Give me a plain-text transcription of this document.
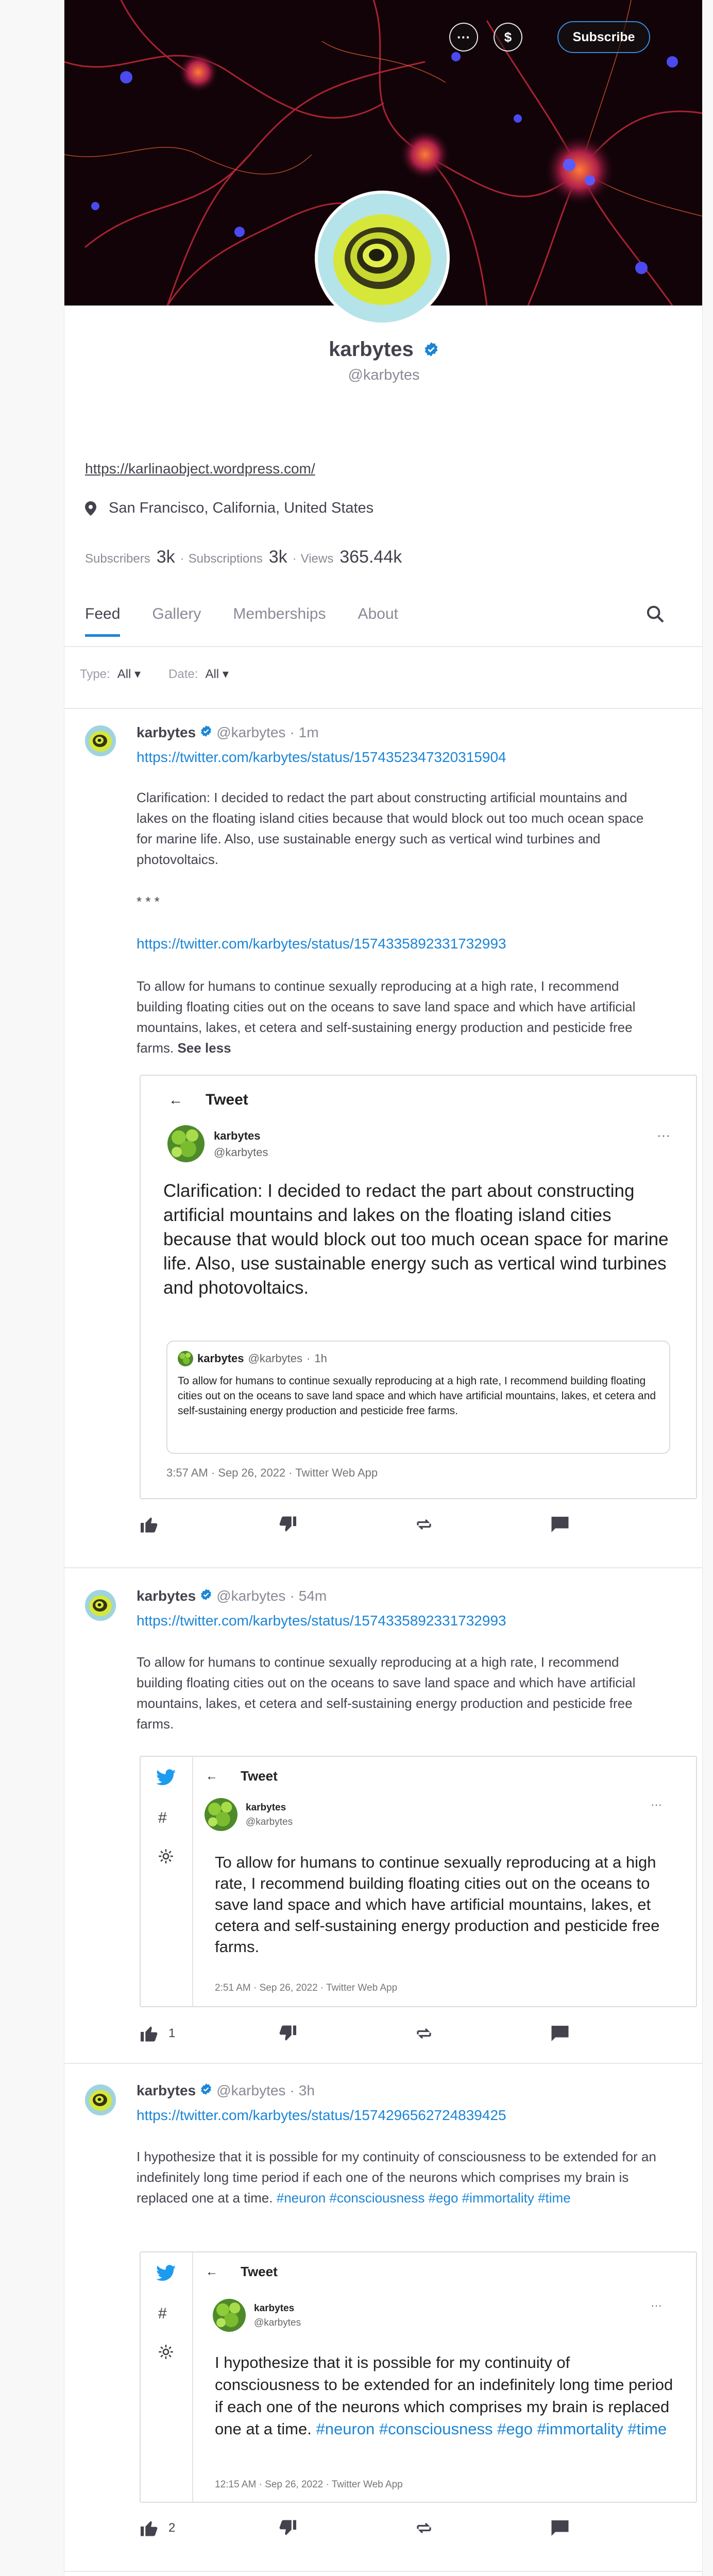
···	$	Subscribe
karbytes
@karbytes
https://karlinaobject.wordpress.com/
San Francisco, California, United States
Subscribers 3k · Subscriptions 3k · Views 365.44k
Feed Gallery Memberships About
Type: All ▾ Date: All ▾
karbytes @karbytes · 1m
https://twitter.com/karbytes/status/1574352347320315904
Clarification: I decided to redact the part about constructing artificial mountains and lakes on the floating island cities because that would block out too much ocean space for marine life. Also, use sustainable energy such as vertical wind turbines and photovoltaics.
* * *
https://twitter.com/karbytes/status/1574335892331732993
To allow for humans to continue sexually reproducing at a high rate, I recommend building floating cities out on the oceans to save land space and which have artificial mountains, lakes, et cetera and self-sustaining energy production and pesticide free farms. See less
← Tweet
karbytes
@karbytes
···
Clarification: I decided to redact the part about constructing artificial mountains and lakes on the floating island cities because that would block out too much ocean space for marine life. Also, use sustainable energy such as vertical wind turbines and photovoltaics.
karbytes @karbytes · 1h
To allow for humans to continue sexually reproducing at a high rate, I recommend building floating cities out on the oceans to save land space and which have artificial mountains, lakes, et cetera and self-sustaining energy production and pesticide free farms.
3:57 AM · Sep 26, 2022 · Twitter Web App
karbytes @karbytes · 54m
https://twitter.com/karbytes/status/1574335892331732993
To allow for humans to continue sexually reproducing at a high rate, I recommend building floating cities out on the oceans to save land space and which have artificial mountains, lakes, et cetera and self-sustaining energy production and pesticide free farms.
#
← Tweet
karbytes
@karbytes
···
To allow for humans to continue sexually reproducing at a high rate, I recommend building floating cities out on the oceans to save land space and which have artificial mountains, lakes, et cetera and self-sustaining energy production and pesticide free farms.
2:51 AM · Sep 26, 2022 · Twitter Web App
1
karbytes @karbytes · 3h
https://twitter.com/karbytes/status/1574296562724839425
I hypothesize that it is possible for my continuity of consciousness to be extended for an indefinitely long time period if each one of the neurons which comprises my brain is replaced one at a time. #neuron #consciousness #ego #immortality #time
#
← Tweet
karbytes
@karbytes
···
I hypothesize that it is possible for my continuity of consciousness to be extended for an indefinitely long time period if each one of the neurons which comprises my brain is replaced one at a time. #neuron #consciousness #ego #immortality #time
12:15 AM · Sep 26, 2022 · Twitter Web App
2
